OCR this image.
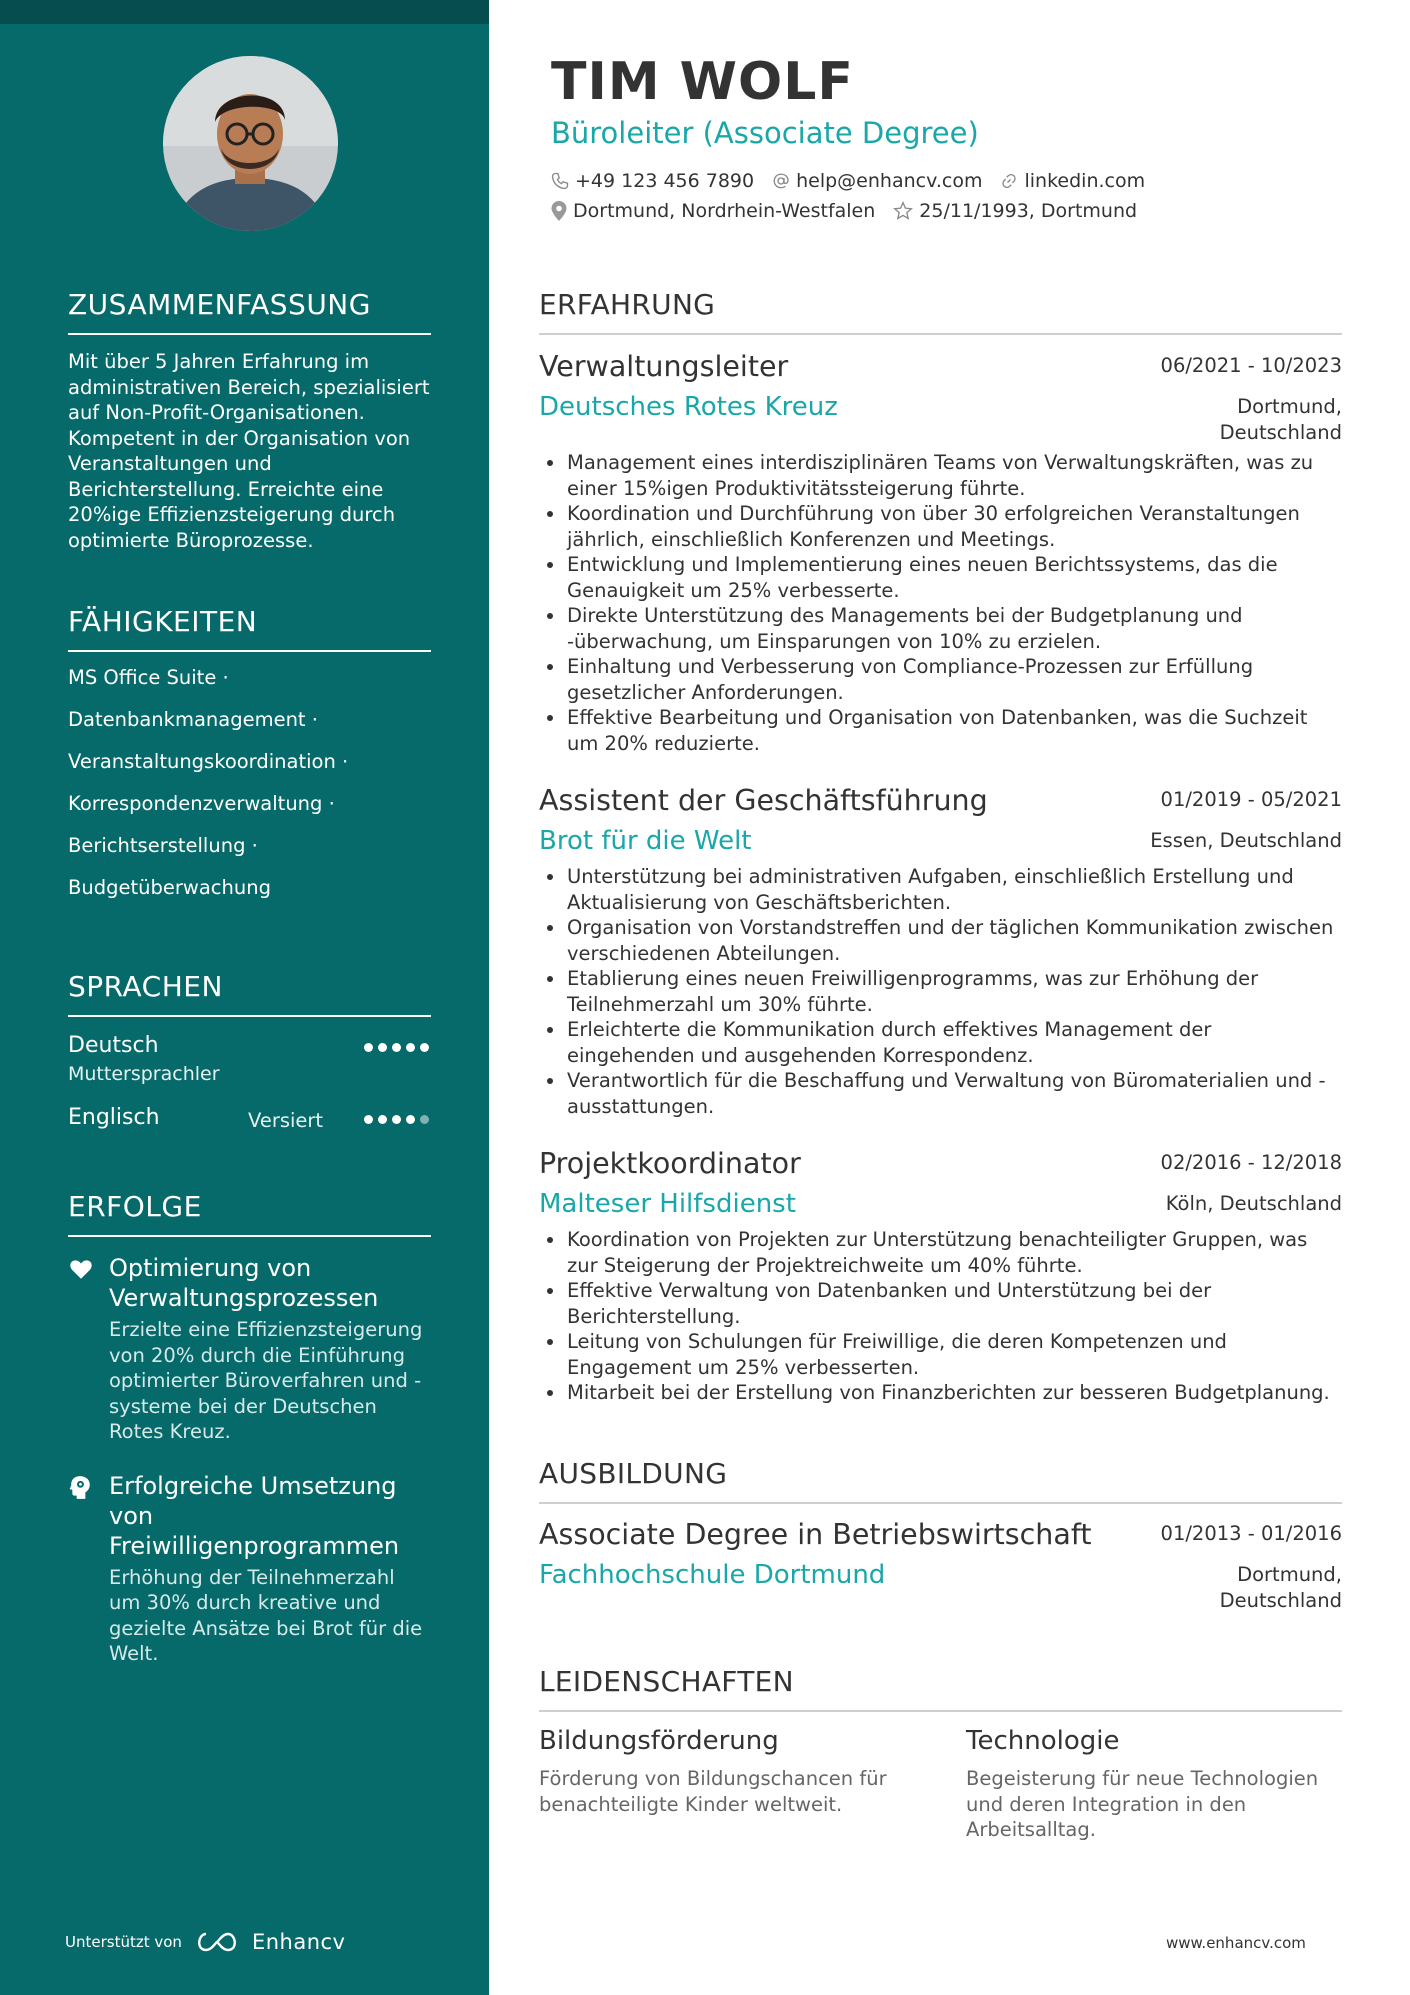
ZUSAMMENFASSUNG
Mit über 5 Jahren Erfahrung im administrativen Bereich, spezialisiert auf Non-Profit-Organisationen. Kompetent in der Organisation von Veranstaltungen und Berichterstellung. Erreichte eine 20%ige Effizienzsteigerung durch optimierte Büroprozesse.
FÄHIGKEITEN
MS Office Suite ·
Datenbankmanagement ·
Veranstaltungskoordination ·
Korrespondenzverwaltung ·
Berichtserstellung ·
Budgetüberwachung
SPRACHEN
Deutsch
Muttersprachler
Englisch	Versiert
ERFOLGE
Optimierung von Verwaltungsprozessen
Erzielte eine Effizienzsteigerung von 20% durch die Einführung optimierter Büroverfahren und -systeme bei der Deutschen Rotes Kreuz.
Erfolgreiche Umsetzung von Freiwilligenprogrammen
Erhöhung der Teilnehmerzahl um 30% durch kreative und gezielte Ansätze bei Brot für die Welt.
Unterstützt von	Enhancv
TIM WOLF
Büroleiter (Associate Degree)
+49 123 456 7890 help@enhancv.com linkedin.com
Dortmund, Nordrhein-Westfalen 25/11/1993, Dortmund
ERFAHRUNG
Verwaltungsleiter	06/2021 - 10/2023
Deutsches Rotes Kreuz	Dortmund,
Deutschland
Management eines interdisziplinären Teams von Verwaltungskräften, was zu einer 15%igen Produktivitätssteigerung führte.
Koordination und Durchführung von über 30 erfolgreichen Veranstaltungen jährlich, einschließlich Konferenzen und Meetings.
Entwicklung und Implementierung eines neuen Berichtssystems, das die Genauigkeit um 25% verbesserte.
Direkte Unterstützung des Managements bei der Budgetplanung und -überwachung, um Einsparungen von 10% zu erzielen.
Einhaltung und Verbesserung von Compliance-Prozessen zur Erfüllung gesetzlicher Anforderungen.
Effektive Bearbeitung und Organisation von Datenbanken, was die Suchzeit um 20% reduzierte.
Assistent der Geschäftsführung	01/2019 - 05/2021
Brot für die Welt	Essen, Deutschland
Unterstützung bei administrativen Aufgaben, einschließlich Erstellung und Aktualisierung von Geschäftsberichten.
Organisation von Vorstandstreffen und der täglichen Kommunikation zwischen verschiedenen Abteilungen.
Etablierung eines neuen Freiwilligenprogramms, was zur Erhöhung der Teilnehmerzahl um 30% führte.
Erleichterte die Kommunikation durch effektives Management der eingehenden und ausgehenden Korrespondenz.
Verantwortlich für die Beschaffung und Verwaltung von Büromaterialien und -ausstattungen.
Projektkoordinator	02/2016 - 12/2018
Malteser Hilfsdienst	Köln, Deutschland
Koordination von Projekten zur Unterstützung benachteiligter Gruppen, was zur Steigerung der Projektreichweite um 40% führte.
Effektive Verwaltung von Datenbanken und Unterstützung bei der Berichterstellung.
Leitung von Schulungen für Freiwillige, die deren Kompetenzen und Engagement um 25% verbesserten.
Mitarbeit bei der Erstellung von Finanzberichten zur besseren Budgetplanung.
AUSBILDUNG
Associate Degree in Betriebswirtschaft	01/2013 - 01/2016
Fachhochschule Dortmund	Dortmund,
Deutschland
LEIDENSCHAFTEN
Bildungsförderung
Förderung von Bildungschancen für benachteiligte Kinder weltweit.
Technologie
Begeisterung für neue Technologien und deren Integration in den Arbeitsalltag.
www.enhancv.com
